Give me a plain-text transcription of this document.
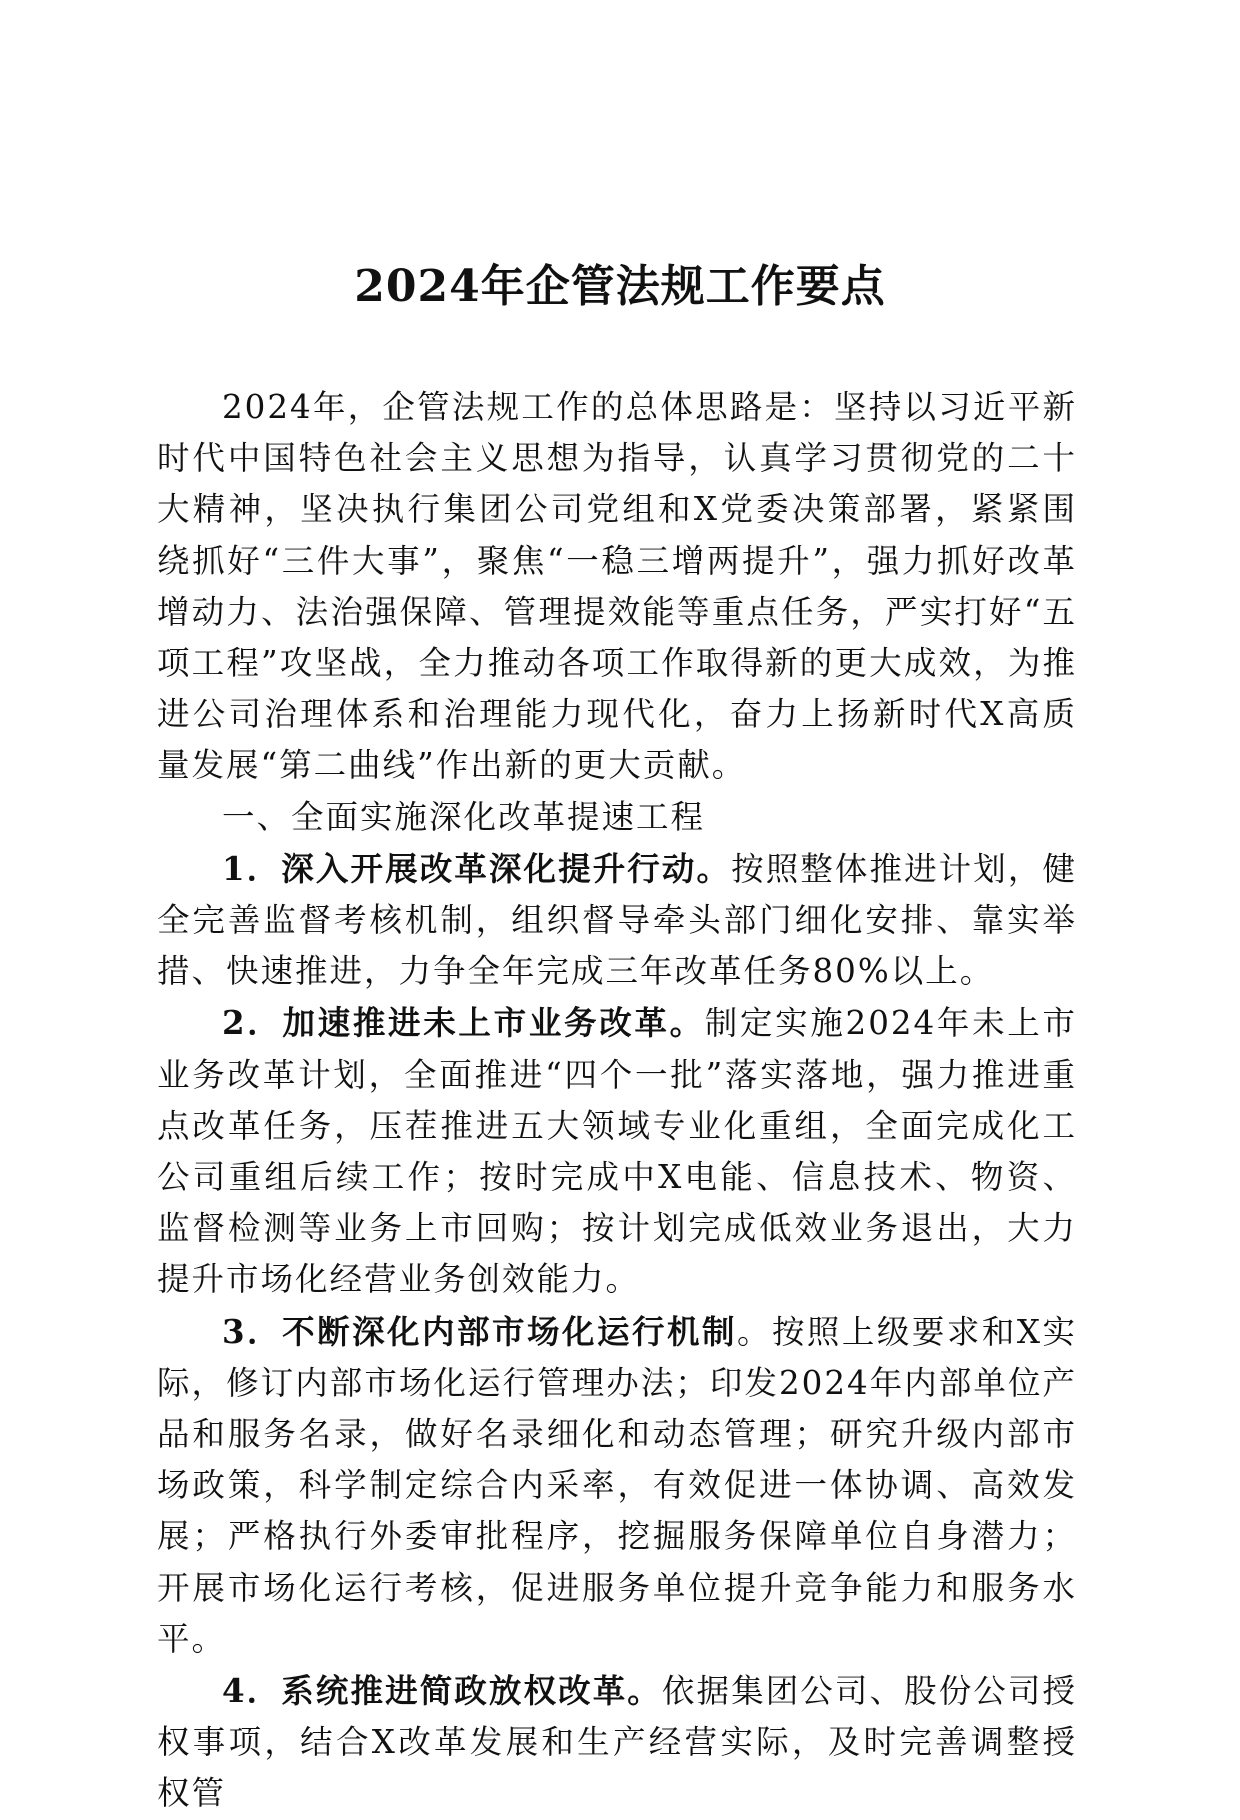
2024年企管法规工作要点

2024年，企管法规工作的总体思路是：坚持以习近平新时代中国特色社会主义思想为指导，认真学习贯彻党的二十大精神，坚决执行集团公司党组和X党委决策部署，紧紧围绕抓好“三件大事”，聚焦“一稳三增两提升”，强力抓好改革增动力、法治强保障、管理提效能等重点任务，严实打好“五项工程”攻坚战，全力推动各项工作取得新的更大成效，为推进公司治理体系和治理能力现代化，奋力上扬新时代X高质量发展“第二曲线”作出新的更大贡献。

一、全面实施深化改革提速工程

1．深入开展改革深化提升行动。按照整体推进计划，健全完善监督考核机制，组织督导牵头部门细化安排、靠实举措、快速推进，力争全年完成三年改革任务80%以上。

2．加速推进未上市业务改革。制定实施2024年未上市业务改革计划，全面推进“四个一批”落实落地，强力推进重点改革任务，压茬推进五大领域专业化重组，全面完成化工公司重组后续工作；按时完成中X电能、信息技术、物资、监督检测等业务上市回购；按计划完成低效业务退出，大力提升市场化经营业务创效能力。

3．不断深化内部市场化运行机制。按照上级要求和X实际，修订内部市场化运行管理办法；印发2024年内部单位产品和服务名录，做好名录细化和动态管理；研究升级内部市场政策，科学制定综合内采率，有效促进一体协调、高效发展；严格执行外委审批程序，挖掘服务保障单位自身潜力；开展市场化运行考核，促进服务单位提升竞争能力和服务水平。

4．系统推进简政放权改革。依据集团公司、股份公司授权事项，结合X改革发展和生产经营实际，及时完善调整授权管
